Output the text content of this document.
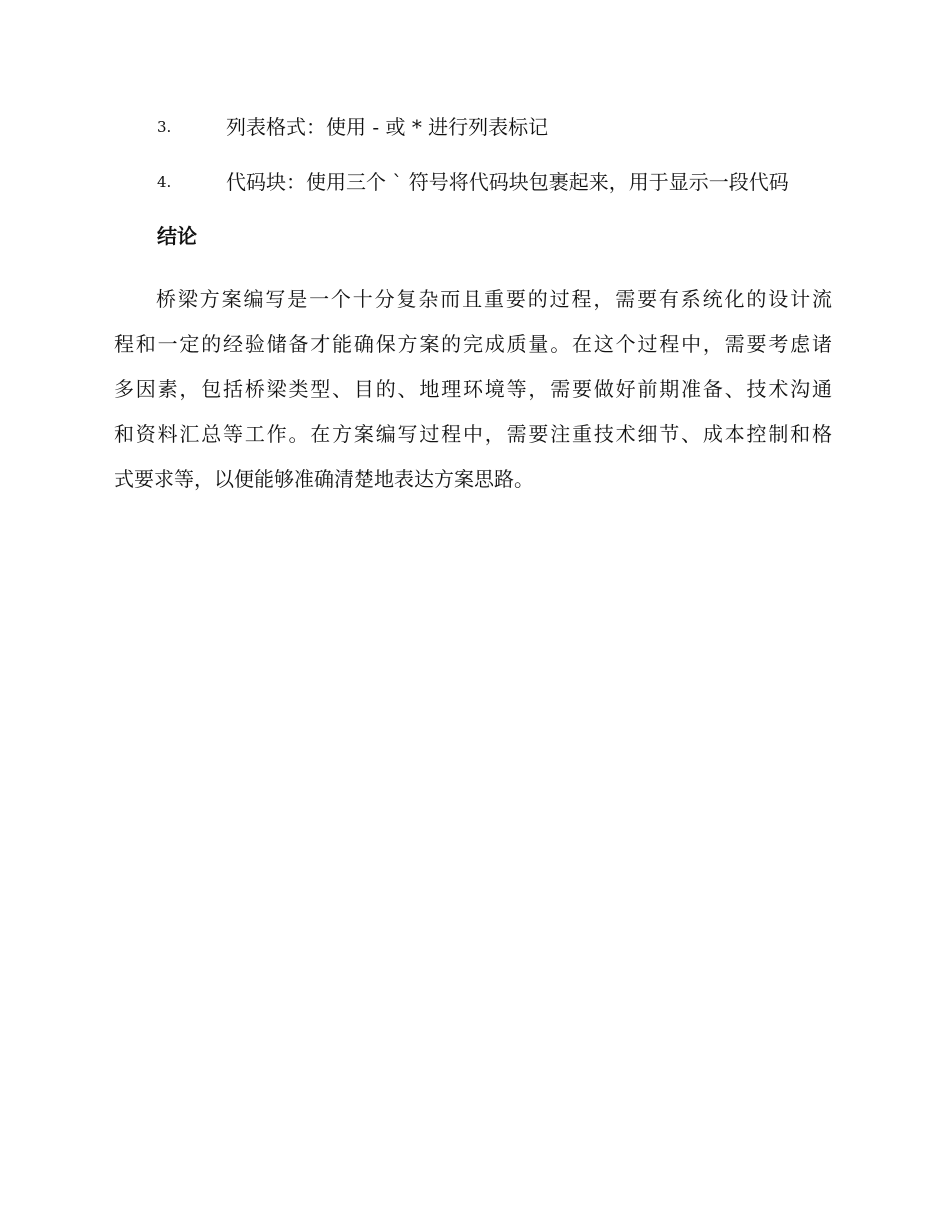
3.	列表格式：使用 - 或 * 进行列表标记
4.	代码块：使用三个 ` 符号将代码块包裹起来，用于显示一段代码
结论
桥梁方案编写是一个十分复杂而且重要的过程，需要有系统化的设计流
程和一定的经验储备才能确保方案的完成质量。在这个过程中，需要考虑诸
多因素，包括桥梁类型、目的、地理环境等，需要做好前期准备、技术沟通
和资料汇总等工作。在方案编写过程中，需要注重技术细节、成本控制和格
式要求等，以便能够准确清楚地表达方案思路。
